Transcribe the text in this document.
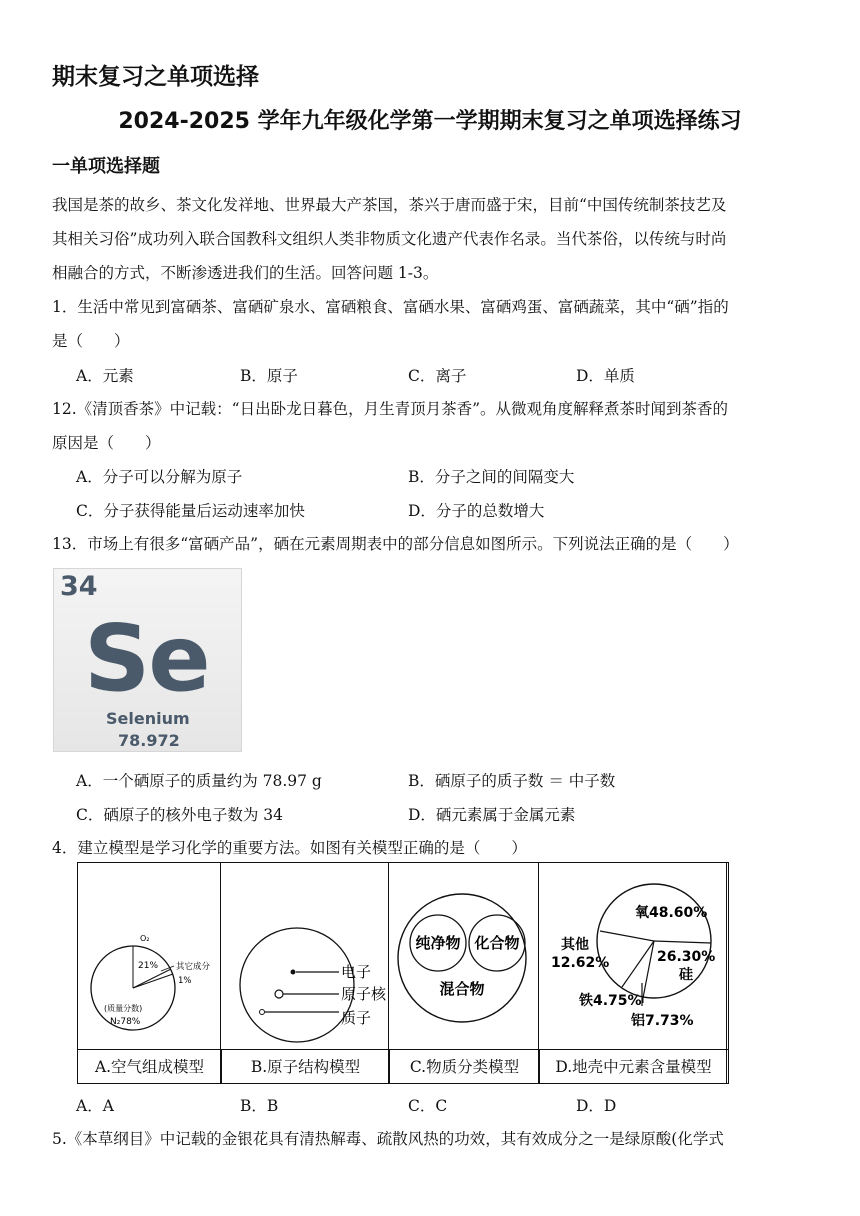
期末复习之单项选择
2024-2025 学年九年级化学第一学期期末复习之单项选择练习
一单项选择题
我国是茶的故乡、茶文化发祥地、世界最大产茶国，茶兴于唐而盛于宋，目前“中国传统制茶技艺及
其相关习俗”成功列入联合国教科文组织人类非物质文化遗产代表作名录。当代茶俗，以传统与时尚
相融合的方式，不断渗透进我们的生活。回答问题 1-3。
1．生活中常见到富硒茶、富硒矿泉水、富硒粮食、富硒水果、富硒鸡蛋、富硒蔬菜，其中“硒”指的
是（　　）
A．元素	B．原子	C．离子	D．单质
12.《清顶香茶》中记载：“日出卧龙日暮色，月生青顶月茶香”。从微观角度解释煮茶时闻到茶香的
原因是（　　）
A．分子可以分解为原子	B．分子之间的间隔变大
C．分子获得能量后运动速率加快	D．分子的总数增大
13．市场上有很多“富硒产品”，硒在元素周期表中的部分信息如图所示。下列说法正确的是（　　）
34
Se
Selenium
78.972
A．一个硒原子的质量约为 78.97 g	B．硒原子的质子数 ＝ 中子数
C．硒原子的核外电子数为 34	D．硒元素属于金属元素
4．建立模型是学习化学的重要方法。如图有关模型正确的是（　　）
O₂
21% 其它成分
1%
(质量分数)
N₂78%
电子
原子核
质子
纯净物 化合物
混合物
氧48.60%
其他
12.62%	26.30%
硅
铁4.75%
铝7.73%
A.空气组成模型	B.原子结构模型	C.物质分类模型	D.地壳中元素含量模型
A．A	B．B	C．C	D．D
5.《本草纲目》中记载的金银花具有清热解毒、疏散风热的功效，其有效成分之一是绿原酸(化学式
